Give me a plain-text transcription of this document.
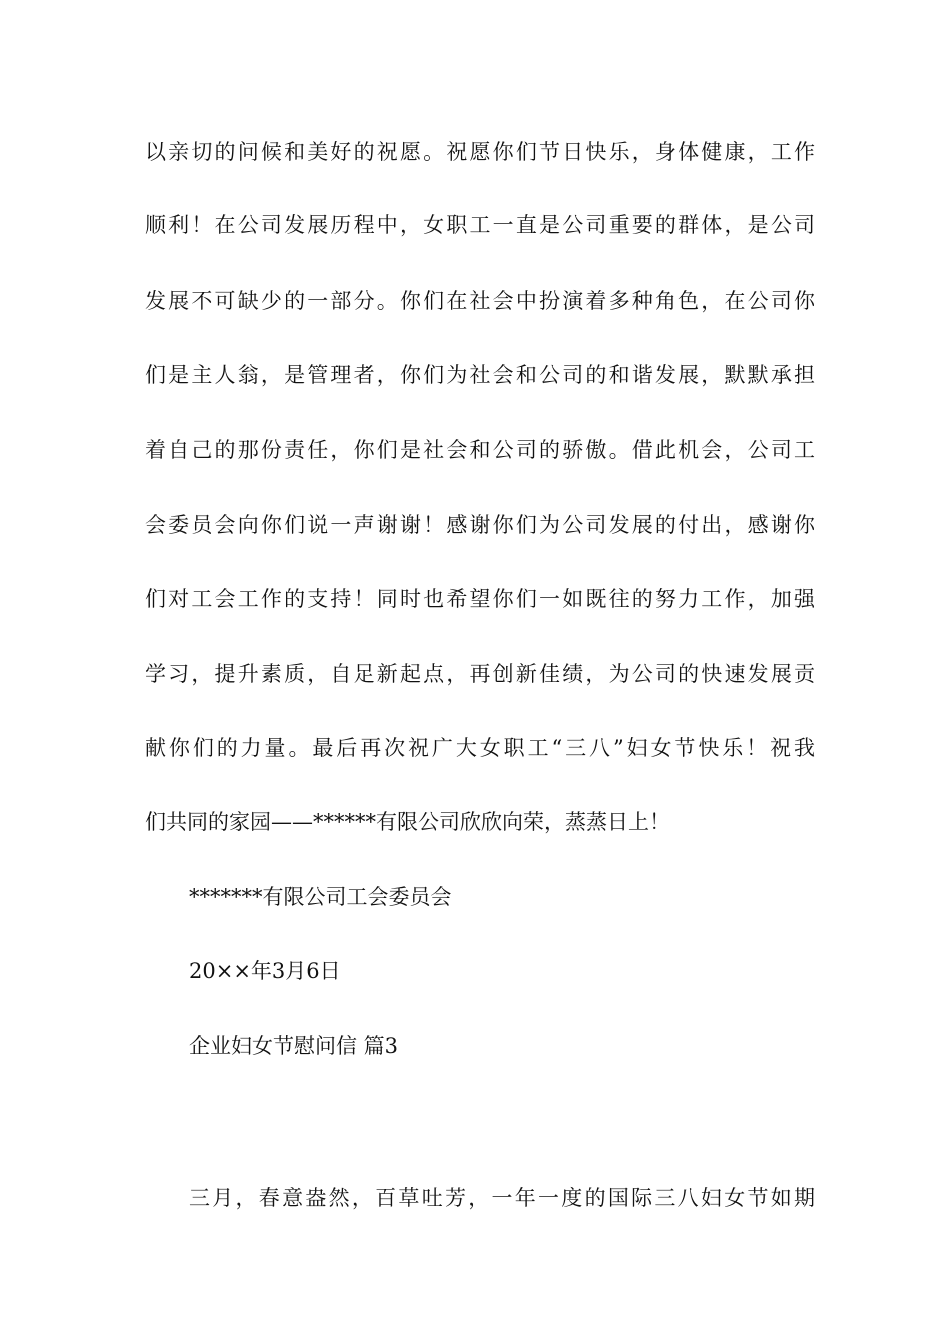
以亲切的问候和美好的祝愿。祝愿你们节日快乐，身体健康，工作
顺利！在公司发展历程中，女职工一直是公司重要的群体，是公司
发展不可缺少的一部分。你们在社会中扮演着多种角色，在公司你
们是主人翁，是管理者，你们为社会和公司的和谐发展，默默承担
着自己的那份责任，你们是社会和公司的骄傲。借此机会，公司工
会委员会向你们说一声谢谢！感谢你们为公司发展的付出，感谢你
们对工会工作的支持！同时也希望你们一如既往的努力工作，加强
学习，提升素质，自足新起点，再创新佳绩，为公司的快速发展贡
献你们的力量。最后再次祝广大女职工“三八”妇女节快乐！祝我
们共同的家园——******有限公司欣欣向荣，蒸蒸日上！
*******有限公司工会委员会
20××年3月6日
企业妇女节慰问信 篇3
三月，春意盎然，百草吐芳，一年一度的国际三八妇女节如期
